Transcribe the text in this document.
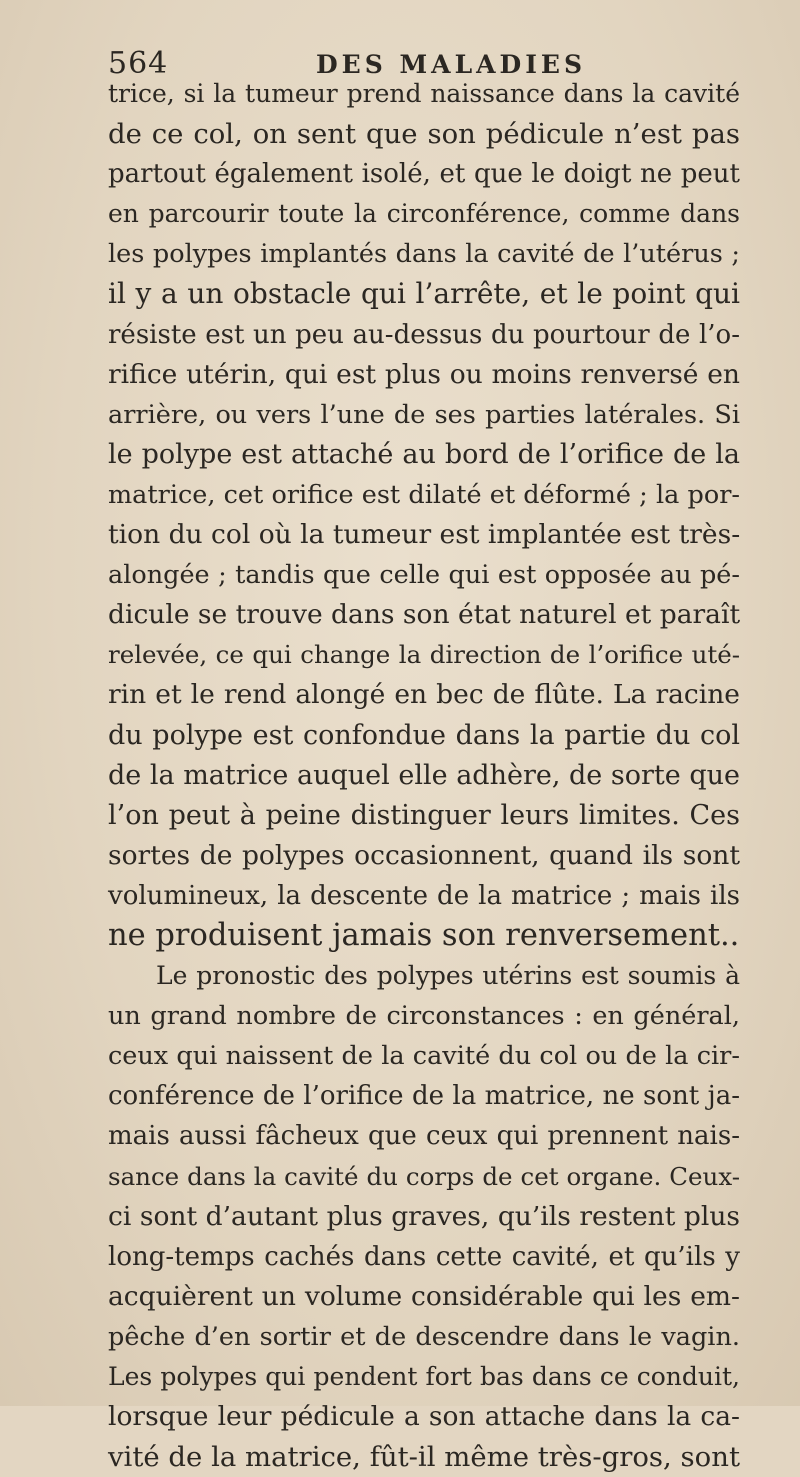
564	DES MALADIES
trice, si la tumeur prend naissance dans la cavité
de ce col, on sent que son pédicule n’est pas
partout également isolé, et que le doigt ne peut
en parcourir toute la circonférence, comme dans
les polypes implantés dans la cavité de l’utérus ;
il y a un obstacle qui l’arrête, et le point qui
résiste est un peu au-dessus du pourtour de l’o-
rifice utérin, qui est plus ou moins renversé en
arrière, ou vers l’une de ses parties latérales. Si
le polype est attaché au bord de l’orifice de la
matrice, cet orifice est dilaté et déformé ; la por-
tion du col où la tumeur est implantée est très-
alongée ; tandis que celle qui est opposée au pé-
dicule se trouve dans son état naturel et paraît
relevée, ce qui change la direction de l’orifice uté-
rin et le rend alongé en bec de flûte. La racine
du polype est confondue dans la partie du col
de la matrice auquel elle adhère, de sorte que
l’on peut à peine distinguer leurs limites. Ces
sortes de polypes occasionnent, quand ils sont
volumineux, la descente de la matrice ; mais ils
ne produisent jamais son renversement..
Le pronostic des polypes utérins est soumis à
un grand nombre de circonstances : en général,
ceux qui naissent de la cavité du col ou de la cir-
conférence de l’orifice de la matrice, ne sont ja-
mais aussi fâcheux que ceux qui prennent nais-
sance dans la cavité du corps de cet organe. Ceux-
ci sont d’autant plus graves, qu’ils restent plus
long-temps cachés dans cette cavité, et qu’ils y
acquièrent un volume considérable qui les em-
pêche d’en sortir et de descendre dans le vagin.
Les polypes qui pendent fort bas dans ce conduit,
lorsque leur pédicule a son attache dans la ca-
vité de la matrice, fût-il même très-gros, sont
